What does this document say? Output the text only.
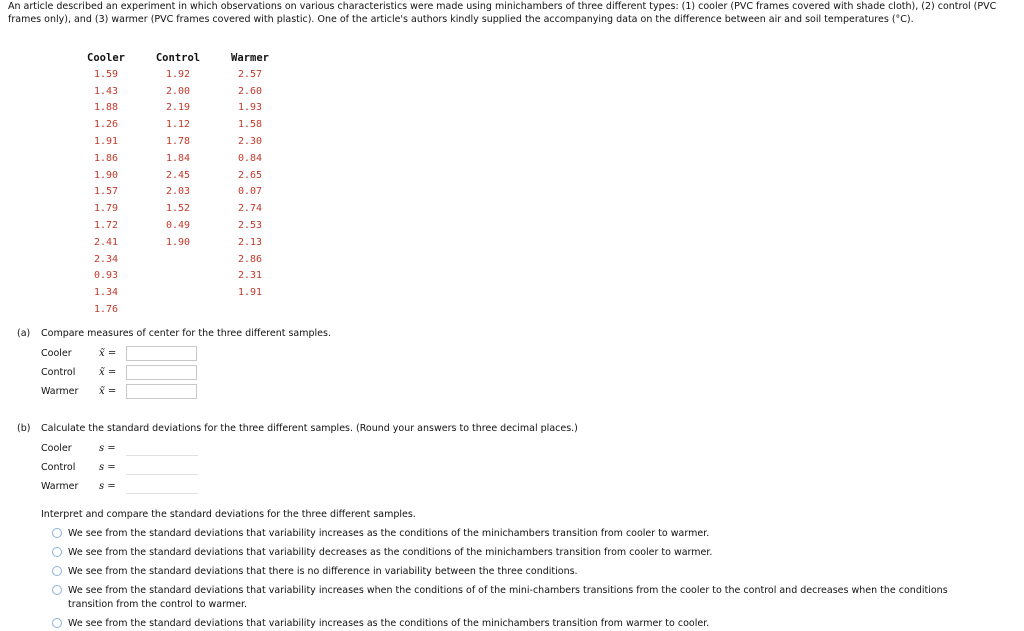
An article described an experiment in which observations on various characteristics were made using minichambers of three different types: (1) cooler (PVC frames covered with shade cloth), (2) control (PVC frames only), and (3) warmer (PVC frames covered with plastic). One of the article's authors kindly supplied the accompanying data on the difference between air and soil temperatures (°C).
Cooler	Control	Warmer
1.59	1.92	2.57
1.43	2.00	2.60
1.88	2.19	1.93
1.26	1.12	1.58
1.91	1.78	2.30
1.86	1.84	0.84
1.90	2.45	2.65
1.57	2.03	0.07
1.79	1.52	2.74
1.72	0.49	2.53
2.41	1.90	2.13
2.34		2.86
0.93		2.31
1.34		1.91
1.76		
(a) Compare measures of center for the three different samples.
Cooler	x̃ =
Control	x̃ =
Warmer	x̃ =
(b) Calculate the standard deviations for the three different samples. (Round your answers to three decimal places.)
Cooler	s =
Control	s =
Warmer	s =
Interpret and compare the standard deviations for the three different samples.
We see from the standard deviations that variability increases as the conditions of the minichambers transition from cooler to warmer.
We see from the standard deviations that variability decreases as the conditions of the minichambers transition from cooler to warmer.
We see from the standard deviations that there is no difference in variability between the three conditions.
We see from the standard deviations that variability increases when the conditions of of the mini-chambers transitions from the cooler to the control and decreases when the conditions transition from the control to warmer.
We see from the standard deviations that variability increases as the conditions of the minichambers transition from warmer to cooler.
